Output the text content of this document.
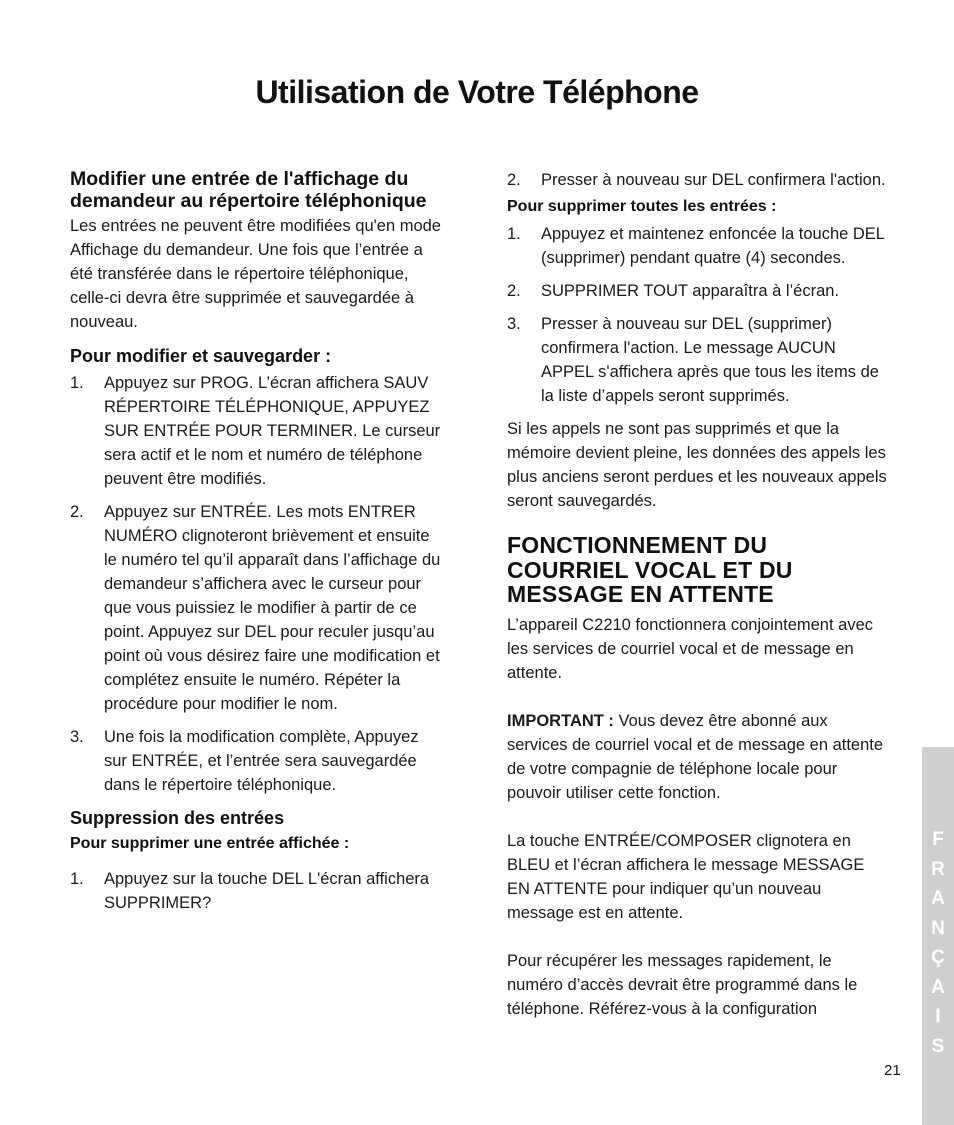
Utilisation de Votre Téléphone
Modifier une entrée de l'affichage du demandeur au répertoire téléphonique

Les entrées ne peuvent être modifiées qu'en mode Affichage du demandeur. Une fois que l’entrée a été transférée dans le répertoire téléphonique, celle-ci devra être supprimée et sauvegardée à nouveau.

Pour modifier et sauvegarder :
1. Appuyez sur PROG. L’écran affichera SAUV RÉPERTOIRE TÉLÉPHONIQUE, APPUYEZ SUR ENTRÉE POUR TERMINER. Le curseur sera actif et le nom et numéro de téléphone peuvent être modifiés.
2. Appuyez sur ENTRÉE. Les mots ENTRER NUMÉRO clignoteront brièvement et ensuite le numéro tel qu’il apparaît dans l’affichage du demandeur s’affichera avec le curseur pour que vous puissiez le modifier à partir de ce point. Appuyez sur DEL pour reculer jusqu’au point où vous désirez faire une modification et complétez ensuite le numéro. Répéter la procédure pour modifier le nom.
3. Une fois la modification complète, Appuyez sur ENTRÉE, et l’entrée sera sauvegardée dans le répertoire téléphonique.
Suppression des entrées
Pour supprimer une entrée affichée :
1. Appuyez sur la touche DEL L'écran affichera SUPPRIMER?
2. Presser à nouveau sur DEL confirmera l'action.
Pour supprimer toutes les entrées :
1. Appuyez et maintenez enfoncée la touche DEL (supprimer) pendant quatre (4) secondes.
2. SUPPRIMER TOUT apparaîtra à l’écran.
3. Presser à nouveau sur DEL (supprimer) confirmera l'action. Le message AUCUN APPEL s'affichera après que tous les items de la liste d’appels seront supprimés.

Si les appels ne sont pas supprimés et que la mémoire devient pleine, les données des appels les plus anciens seront perdues et les nouveaux appels seront sauvegardés.

FONCTIONNEMENT DU COURRIEL VOCAL ET DU MESSAGE EN ATTENTE

L’appareil C2210 fonctionnera conjointement avec les services de courriel vocal et de message en attente.

IMPORTANT : Vous devez être abonné aux services de courriel vocal et de message en attente de votre compagnie de téléphone locale pour pouvoir utiliser cette fonction.

La touche ENTRÉE/COMPOSER clignotera en BLEU et l’écran affichera le message MESSAGE EN ATTENTE pour indiquer qu’un nouveau message est en attente.

Pour récupérer les messages rapidement, le numéro d’accès devrait être programmé dans le téléphone. Référez-vous à la configuration

F
R
A
N
Ç
A
I
S
21
